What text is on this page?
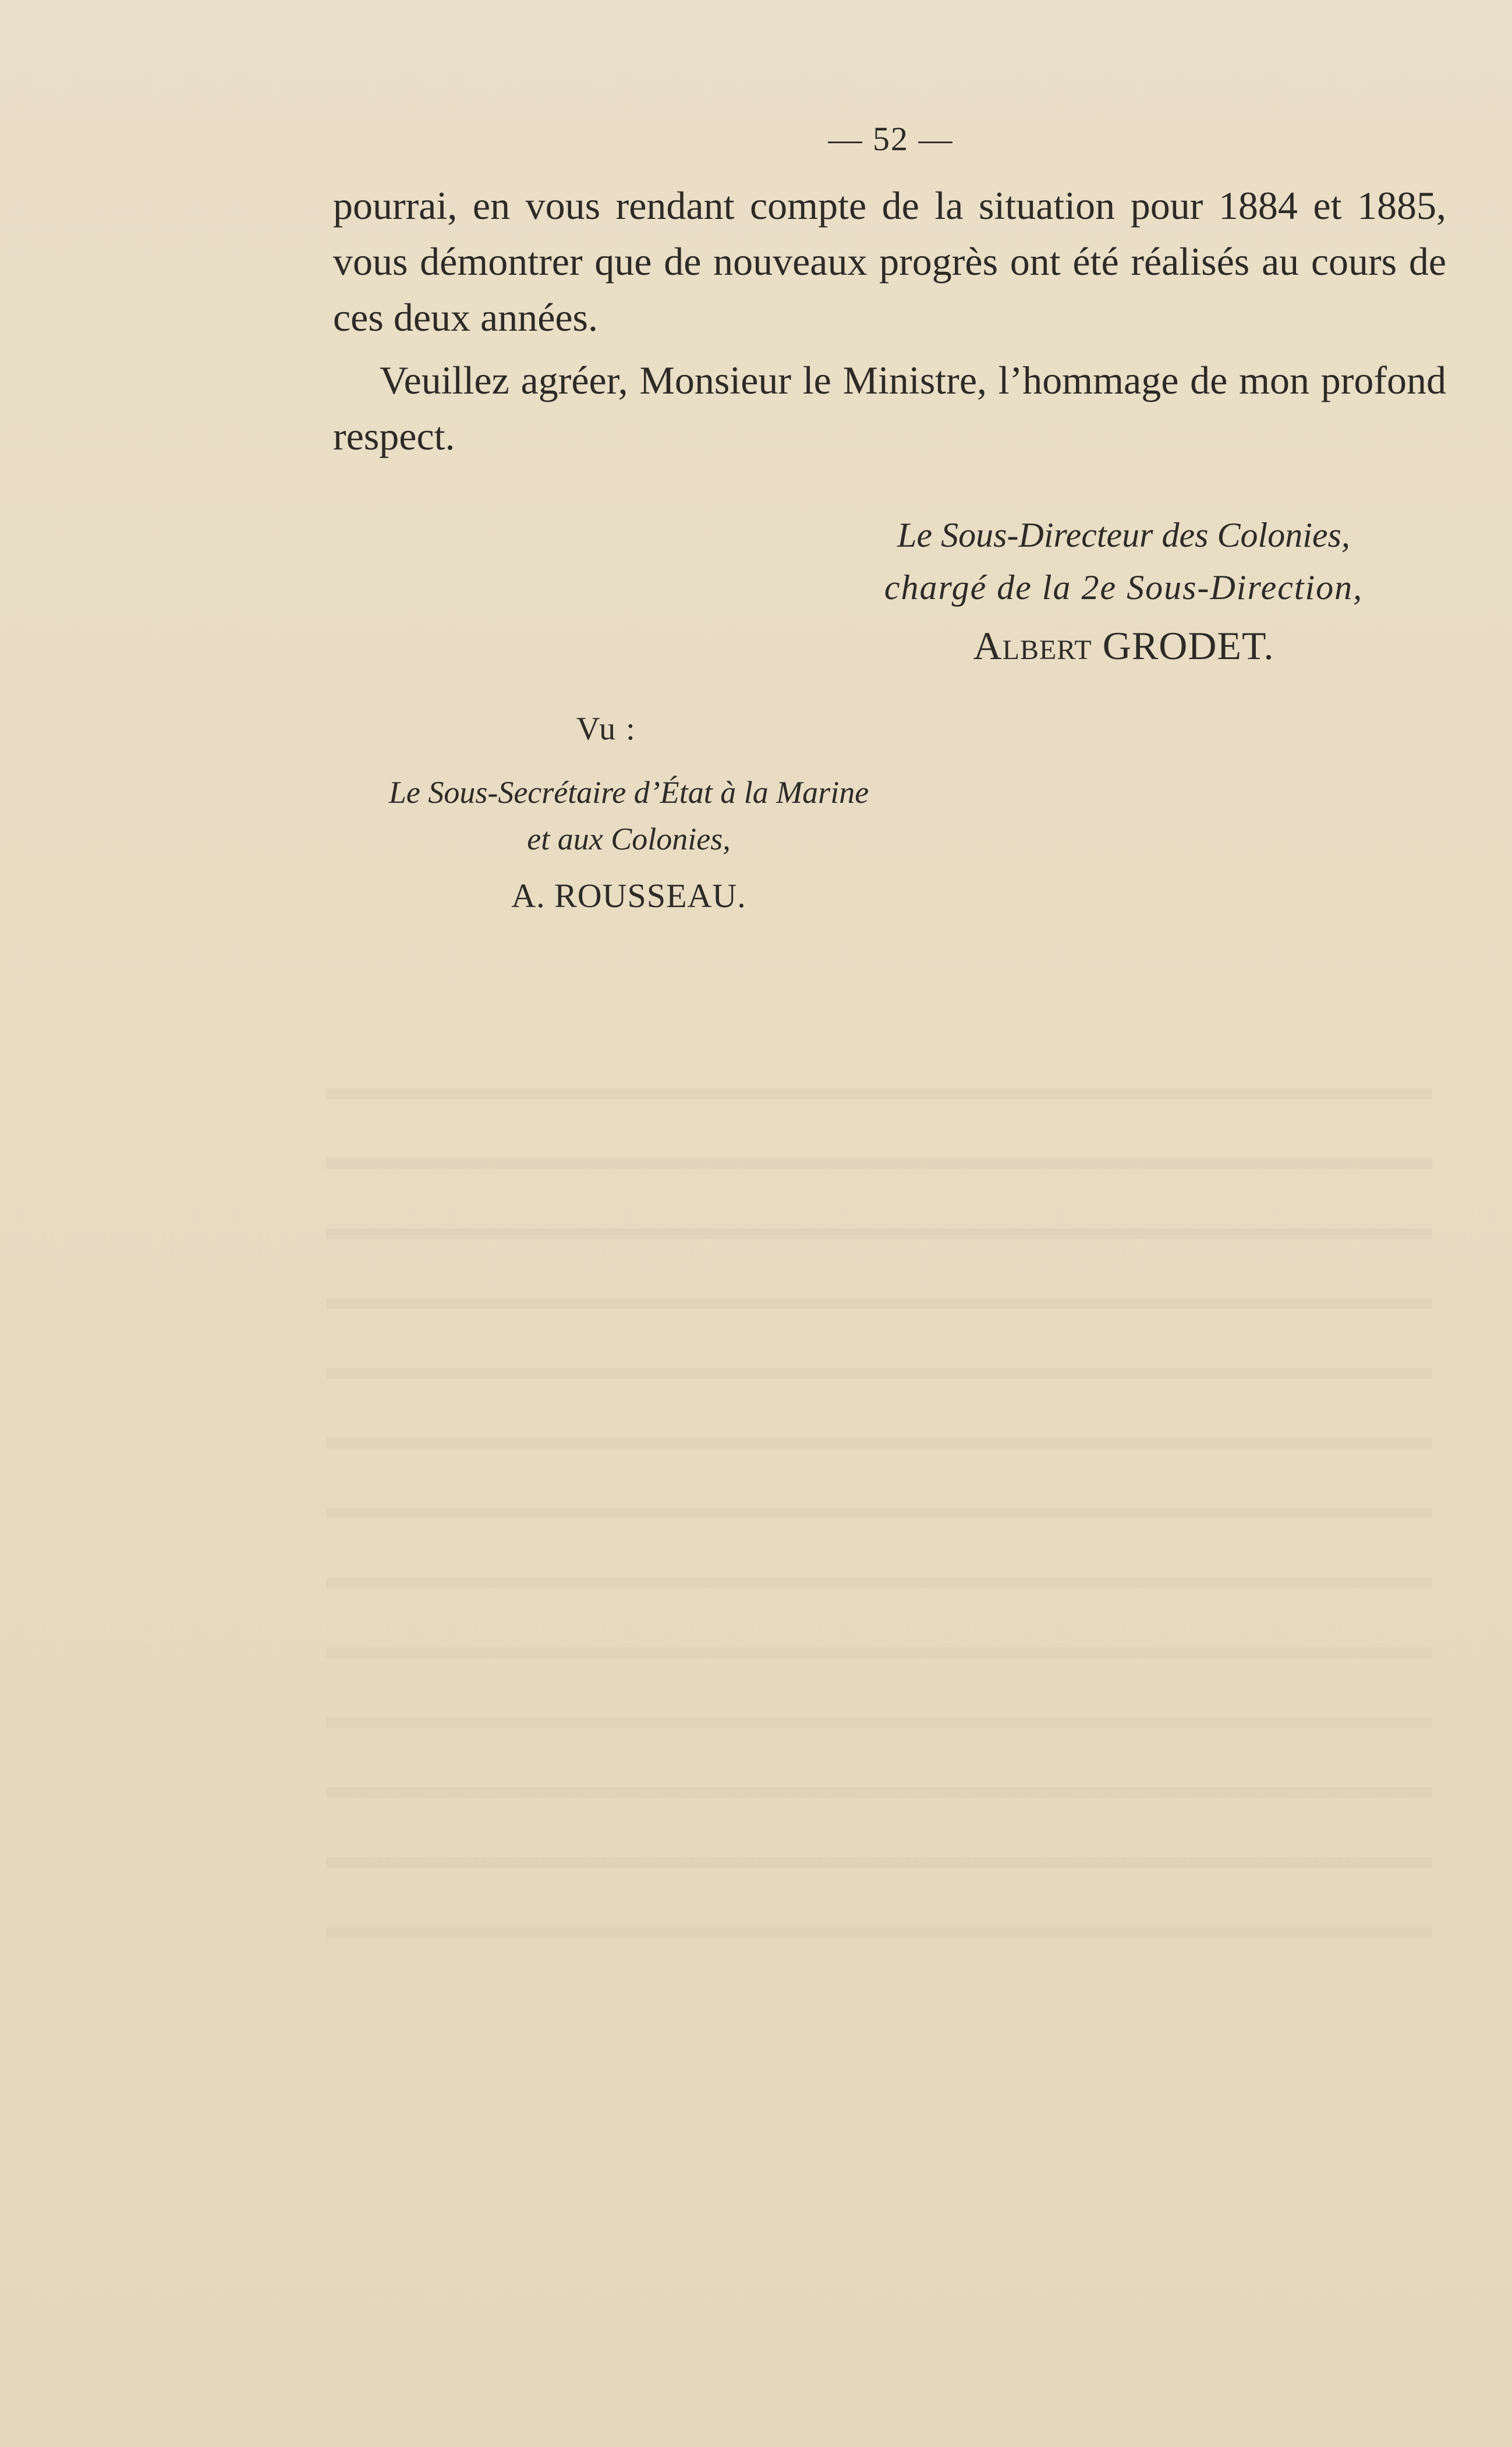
— 52 —
pourrai, en vous rendant compte de la situation pour 1884 et 1885, vous démontrer que de nouveaux progrès ont été réalisés au cours de ces deux années.
Veuillez agréer, Monsieur le Ministre, l’hommage de mon profond respect.
Le Sous-Directeur des Colonies,
chargé de la 2e Sous-Direction,
Albert GRODET.
Vu :
Le Sous-Secrétaire d’État à la Marine
et aux Colonies,
A. ROUSSEAU.
